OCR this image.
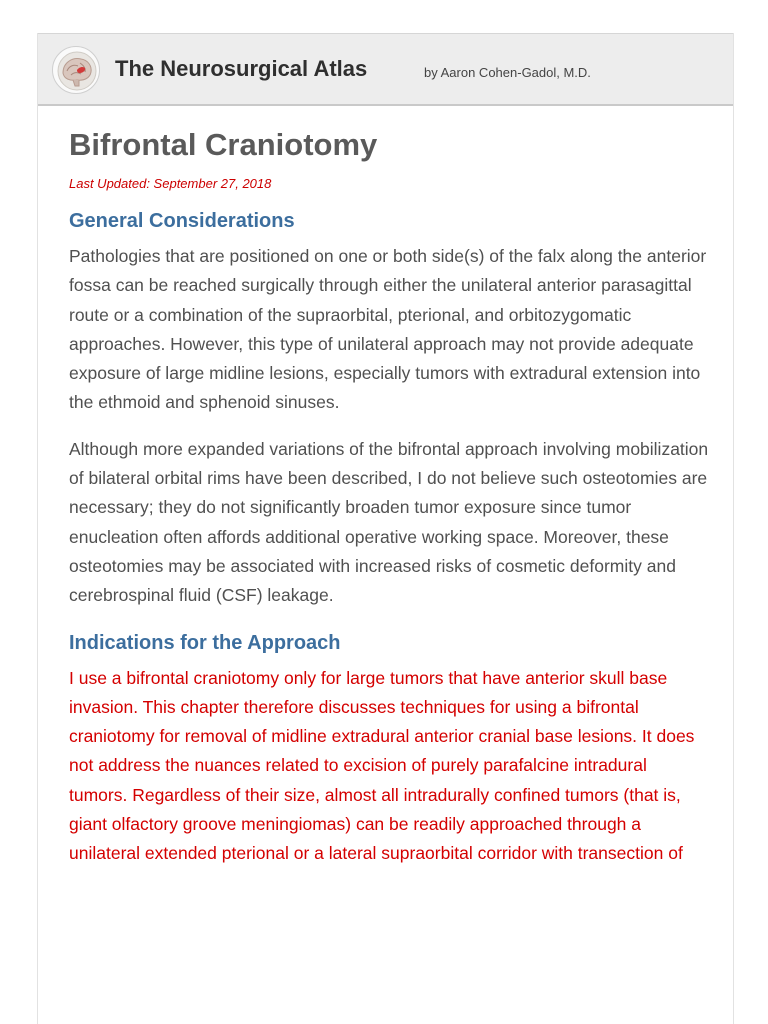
The Neurosurgical Atlas	by Aaron Cohen-Gadol, M.D.
Bifrontal Craniotomy
Last Updated: September 27, 2018
General Considerations

Pathologies that are positioned on one or both side(s) of the falx along the anterior fossa can be reached surgically through either the unilateral anterior parasagittal route or a combination of the supraorbital, pterional, and orbitozygomatic approaches. However, this type of unilateral approach may not provide adequate exposure of large midline lesions, especially tumors with extradural extension into the ethmoid and sphenoid sinuses.

Although more expanded variations of the bifrontal approach involving mobilization of bilateral orbital rims have been described, I do not believe such osteotomies are necessary; they do not significantly broaden tumor exposure since tumor enucleation often affords additional operative working space. Moreover, these osteotomies may be associated with increased risks of cosmetic deformity and cerebrospinal fluid (CSF) leakage.

Indications for the Approach

I use a bifrontal craniotomy only for large tumors that have anterior skull base invasion. This chapter therefore discusses techniques for using a bifrontal craniotomy for removal of midline extradural anterior cranial base lesions. It does not address the nuances related to excision of purely parafalcine intradural tumors. Regardless of their size, almost all intradurally confined tumors (that is, giant olfactory groove meningiomas) can be readily approached through a unilateral extended pterional or a lateral supraorbital corridor with transection of
